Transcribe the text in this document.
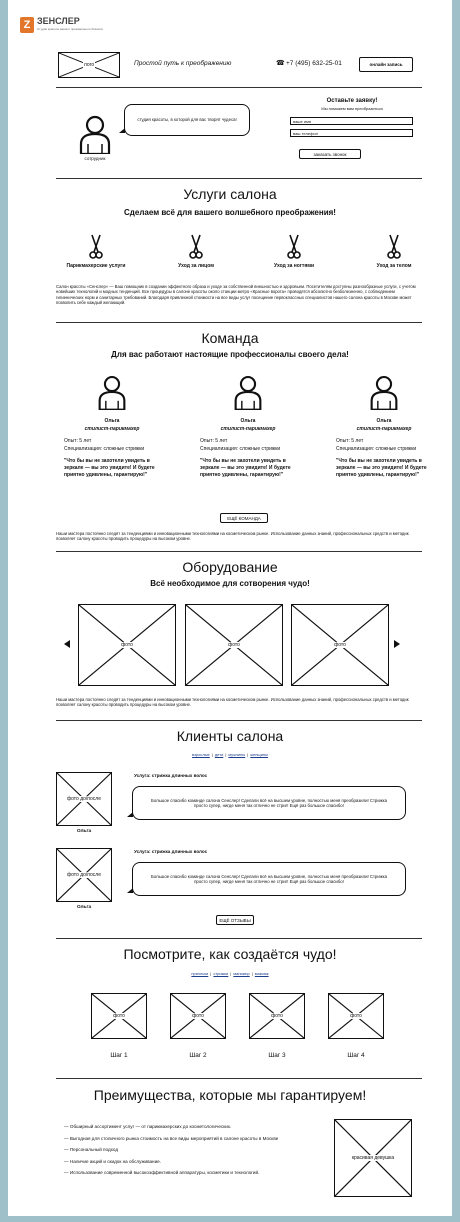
Z ЗЕНСЛЕР
Студия красоты вашего премиального бизнеса
лого	Простой путь к преображению	☎ +7 (495) 632-25-01	онлайн запись
сотрудник
студия красоты, в которой для вас творят чудеса!
Оставьте заявку!
Мы поможем вам преобразиться
ваше имя
ваш телефон
заказать звонок
Услуги салона
Сделаем всё для вашего волшебного преображения!
Парикмахерские услуги	Уход за лицом	Уход за ногтями	Уход за телом
Салон красоты «Сенслер» — Ваш помощник в создании эффектного образа и уходе за собственной внешностью и здоровьем. Посетителям доступны разнообразные услуги, с учетом новейших технологий и модных тенденций. Все процедуры в салоне красоты около станции метро «Красные ворота» проводятся абсолютно безболезненно, с соблюдением гигиенических норм и санитарных требований. Благодаря привлекной стоимости на все виды услуг посещение первоклассных специалистов нашего салона красоты в Москве может позволить себе каждый желающий.
Команда
Для вас работают настоящие профессионалы своего дела!
Ольга
стилист-парикмахер
Опыт: 5 лет
Специализация: сложные стрижки
"Что бы вы не захотели увидеть в зеркале — вы это увидите! И будете приятно удивлены, гарантирую!"
Ольга
стилист-парикмахер
Опыт: 5 лет
Специализация: сложные стрижки
"Что бы вы не захотели увидеть в зеркале — вы это увидите! И будете приятно удивлены, гарантирую!"
Ольга
стилист-парикмахер
Опыт: 5 лет
Специализация: сложные стрижки
"Что бы вы не захотели увидеть в зеркале — вы это увидите! И будете приятно удивлены, гарантирую!"
ЕЩЁ КОМАНДА
Наши мастера постоянно следят за тенденциями и инновационными технологиями на косметическом рынке. Использование данных знаний, профессиональных средств и методик позволяет салону красоты проводить процедуры на высоком уровне.
Оборудование
Всё необходимое для сотворения чудо!
фото	фото	фото
Наши мастера постоянно следят за тенденциями и инновационными технологиями на косметическом рынке. Использование данных знаний, профессиональных средств и методик позволяет салону красоты проводить процедуры на высоком уровне.
Клиенты салона
взрослые | дети | мужчины | женщины
Ольга
Услуга: стрижка длинных волос
Большое спасибо команде салона Сенслер! Сделали всё на высшем уровне, полностью меня преобразили! Стрижка просто супер, нигде меня так отлично не стриг! Ещё раз большое спасибо!
Ольга
Услуга: стрижка длинных волос
Большое спасибо команде салона Сенслер! Сделали всё на высшем уровне, полностью меня преобразили! Стрижка просто супер, нигде меня так отлично не стриг! Ещё раз большое спасибо!
ЕЩЁ ОТЗЫВЫ
Посмотрите, как создаётся чудо!
прически | стрижки | маникюр | макияж
Шаг 1	Шаг 2	Шаг 3	Шаг 4
Преимущества, которые мы гарантируем!
— Обширный ассортимент услуг — от парикмахерских до косметологических.
— Выгодная для столичного рынка стоимость на все виды мероприятий в салоне красоты в Москве
— Персональный подход
— Наличие акций и скидок на обслуживание.
— Использование современной высокоэффективной аппаратуры, косметики и технологий.
красивая девушка
фото до/после
фото до/после
фото	фото	фото	фото
